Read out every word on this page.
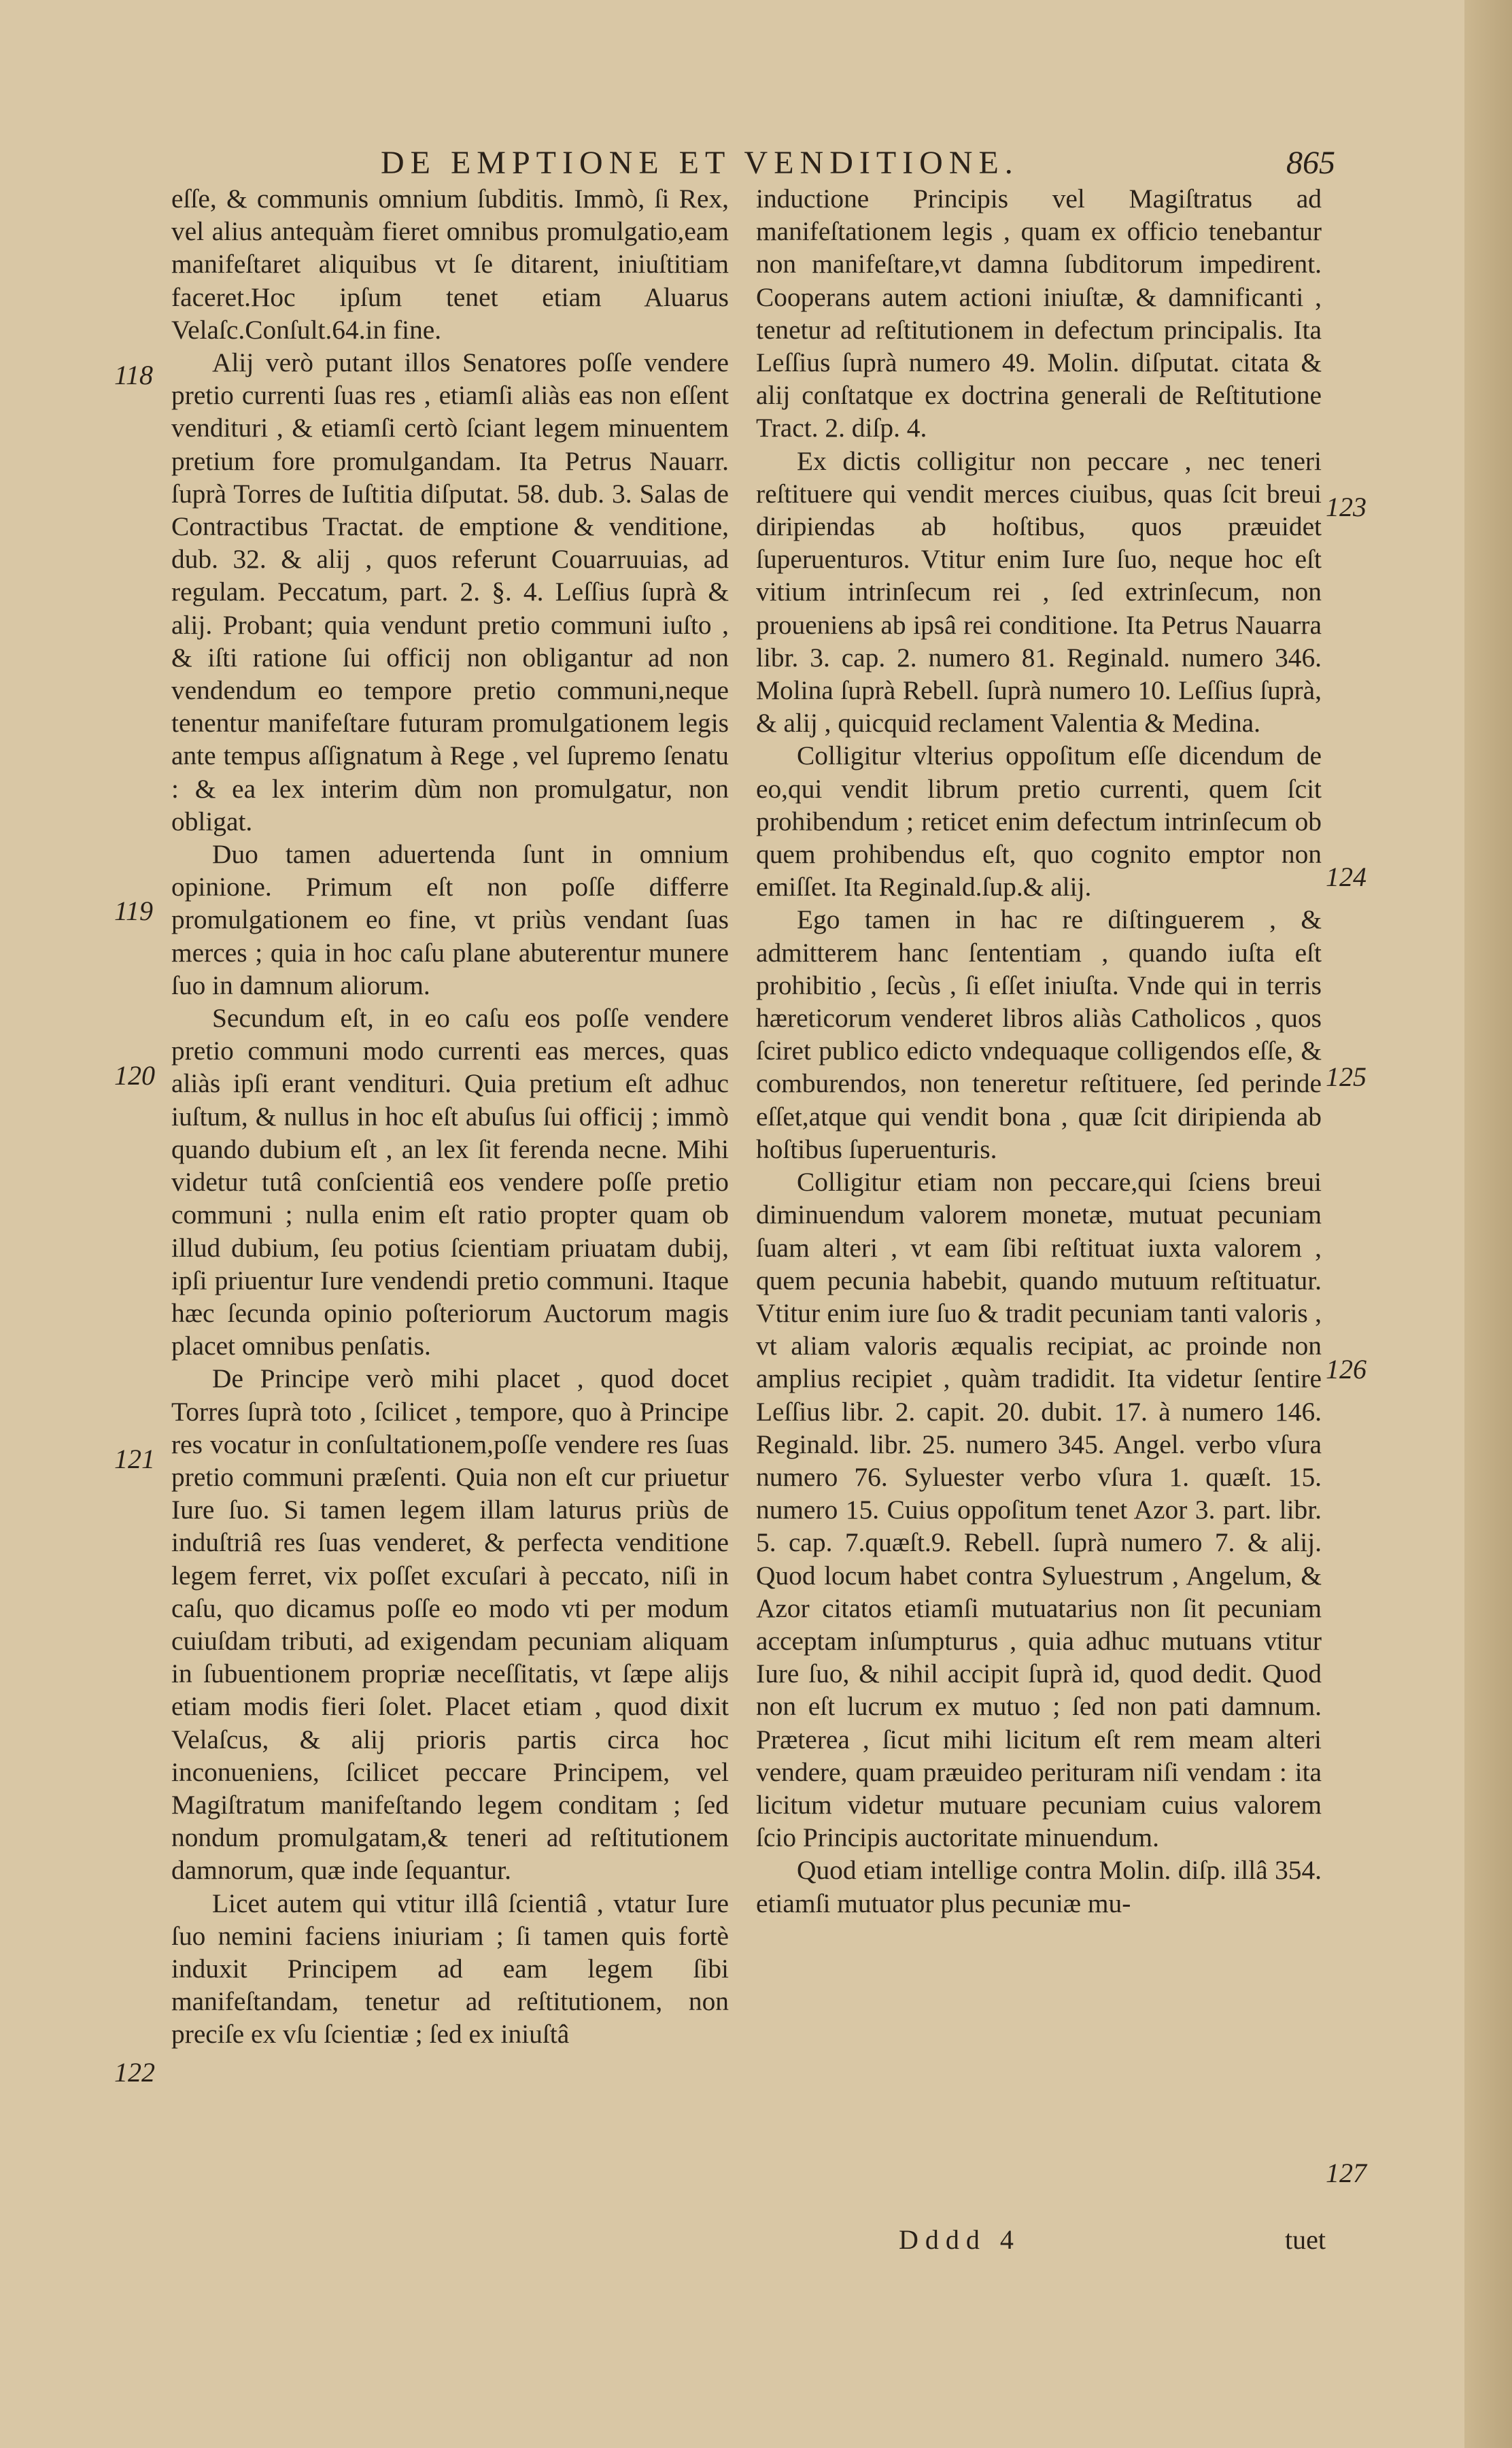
DE EMPTIONE ET VENDITIONE.	865

eſſe, & communis omnium ſubditis. Immò, ſi Rex, vel alius antequàm fieret omnibus promulgatio,eam manifeſtaret aliquibus vt ſe ditarent, iniuſtitiam faceret.Hoc ipſum tenet etiam Aluarus Velaſc.Conſult.64.in fine.

Alij verò putant illos Senatores poſſe vendere pretio currenti ſuas res , etiamſi aliàs eas non eſſent vendituri , & etiamſi certò ſciant legem minuentem pretium fore promulgandam. Ita Petrus Nauarr. ſuprà Torres de Iuſtitia diſputat. 58. dub. 3. Salas de Contractibus Tractat. de emptione & venditione, dub. 32. & alij , quos referunt Couarruuias, ad regulam. Peccatum, part. 2. §. 4. Leſſius ſuprà & alij. Probant; quia vendunt pretio communi iuſto , & iſti ratione ſui officij non obligantur ad non vendendum eo tempore pretio communi,neque tenentur manifeſtare futuram promulgationem legis ante tempus aſſignatum à Rege , vel ſupremo ſenatu : & ea lex interim dùm non promulgatur, non obligat.

Duo tamen aduertenda ſunt in omnium opinione. Primum eſt non poſſe differre promulgationem eo fine, vt priùs vendant ſuas merces ; quia in hoc caſu plane abuterentur munere ſuo in damnum aliorum.

Secundum eſt, in eo caſu eos poſſe vendere pretio communi modo currenti eas merces, quas aliàs ipſi erant vendituri. Quia pretium eſt adhuc iuſtum, & nullus in hoc eſt abuſus ſui officij ; immò quando dubium eſt , an lex ſit ferenda necne. Mihi videtur tutâ conſcientiâ eos vendere poſſe pretio communi ; nulla enim eſt ratio propter quam ob illud dubium, ſeu potius ſcientiam priuatam dubij, ipſi priuentur Iure vendendi pretio communi. Itaque hæc ſecunda opinio poſteriorum Auctorum magis placet omnibus penſatis.

De Principe verò mihi placet , quod docet Torres ſuprà toto , ſcilicet , tempore, quo à Principe res vocatur in conſultationem,poſſe vendere res ſuas pretio communi præſenti. Quia non eſt cur priuetur Iure ſuo. Si tamen legem illam laturus priùs de induſtriâ res ſuas venderet, & perfecta venditione legem ferret, vix poſſet excuſari à peccato, niſi in caſu, quo dicamus poſſe eo modo vti per modum cuiuſdam tributi, ad exigendam pecuniam aliquam in ſubuentionem propriæ neceſſitatis, vt ſæpe alijs etiam modis fieri ſolet. Placet etiam , quod dixit Velaſcus, & alij prioris partis circa hoc inconueniens, ſcilicet peccare Principem, vel Magiſtratum manifeſtando legem conditam ; ſed nondum promulgatam,& teneri ad reſtitutionem damnorum, quæ inde ſequantur.

Licet autem qui vtitur illâ ſcientiâ , vtatur Iure ſuo nemini faciens iniuriam ; ſi tamen quis fortè induxit Principem ad eam legem ſibi manifeſtandam, tenetur ad reſtitutionem, non preciſe ex vſu ſcientiæ ; ſed ex iniuſtâ

inductione Principis vel Magiſtratus ad manifeſtationem legis , quam ex officio tenebantur non manifeſtare,vt damna ſubditorum impedirent. Cooperans autem actioni iniuſtæ, & damnificanti , tenetur ad reſtitutionem in defectum principalis. Ita Leſſius ſuprà numero 49. Molin. diſputat. citata & alij conſtatque ex doctrina generali de Reſtitutione Tract. 2. diſp. 4.

Ex dictis colligitur non peccare , nec teneri reſtituere qui vendit merces ciuibus, quas ſcit breui diripiendas ab hoſtibus, quos præuidet ſuperuenturos. Vtitur enim Iure ſuo, neque hoc eſt vitium intrinſecum rei , ſed extrinſecum, non proueniens ab ipsâ rei conditione. Ita Petrus Nauarra libr. 3. cap. 2. numero 81. Reginald. numero 346. Molina ſuprà Rebell. ſuprà numero 10. Leſſius ſuprà, & alij , quicquid reclament Valentia & Medina.

Colligitur vlterius oppoſitum eſſe dicendum de eo,qui vendit librum pretio currenti, quem ſcit prohibendum ; reticet enim defectum intrinſecum ob quem prohibendus eſt, quo cognito emptor non emiſſet. Ita Reginald.ſup.& alij.

Ego tamen in hac re diſtinguerem , & admitterem hanc ſententiam , quando iuſta eſt prohibitio , ſecùs , ſi eſſet iniuſta. Vnde qui in terris hæreticorum venderet libros aliàs Catholicos , quos ſciret publico edicto vndequaque colligendos eſſe, & comburendos, non teneretur reſtituere, ſed perinde eſſet,atque qui vendit bona , quæ ſcit diripienda ab hoſtibus ſuperuenturis.

Colligitur etiam non peccare,qui ſciens breui diminuendum valorem monetæ, mutuat pecuniam ſuam alteri , vt eam ſibi reſtituat iuxta valorem , quem pecunia habebit, quando mutuum reſtituatur. Vtitur enim iure ſuo & tradit pecuniam tanti valoris , vt aliam valoris æqualis recipiat, ac proinde non amplius recipiet , quàm tradidit. Ita videtur ſentire Leſſius libr. 2. capit. 20. dubit. 17. à numero 146. Reginald. libr. 25. numero 345. Angel. verbo vſura numero 76. Syluester verbo vſura 1. quæſt. 15. numero 15. Cuius oppoſitum tenet Azor 3. part. libr. 5. cap. 7.quæſt.9. Rebell. ſuprà numero 7. & alij. Quod locum habet contra Syluestrum , Angelum, & Azor citatos etiamſi mutuatarius non ſit pecuniam acceptam inſumpturus , quia adhuc mutuans vtitur Iure ſuo, & nihil accipit ſuprà id, quod dedit. Quod non eſt lucrum ex mutuo ; ſed non pati damnum. Præterea , ſicut mihi licitum eſt rem meam alteri vendere, quam præuideo perituram niſi vendam : ita licitum videtur mutuare pecuniam cuius valorem ſcio Principis auctoritate minuendum.

Quod etiam intellige contra Molin. diſp. illâ 354. etiamſi mutuator plus pecuniæ mu-

118
119
120
121
122
123
124
125
126
127
Dddd 4	tuet
